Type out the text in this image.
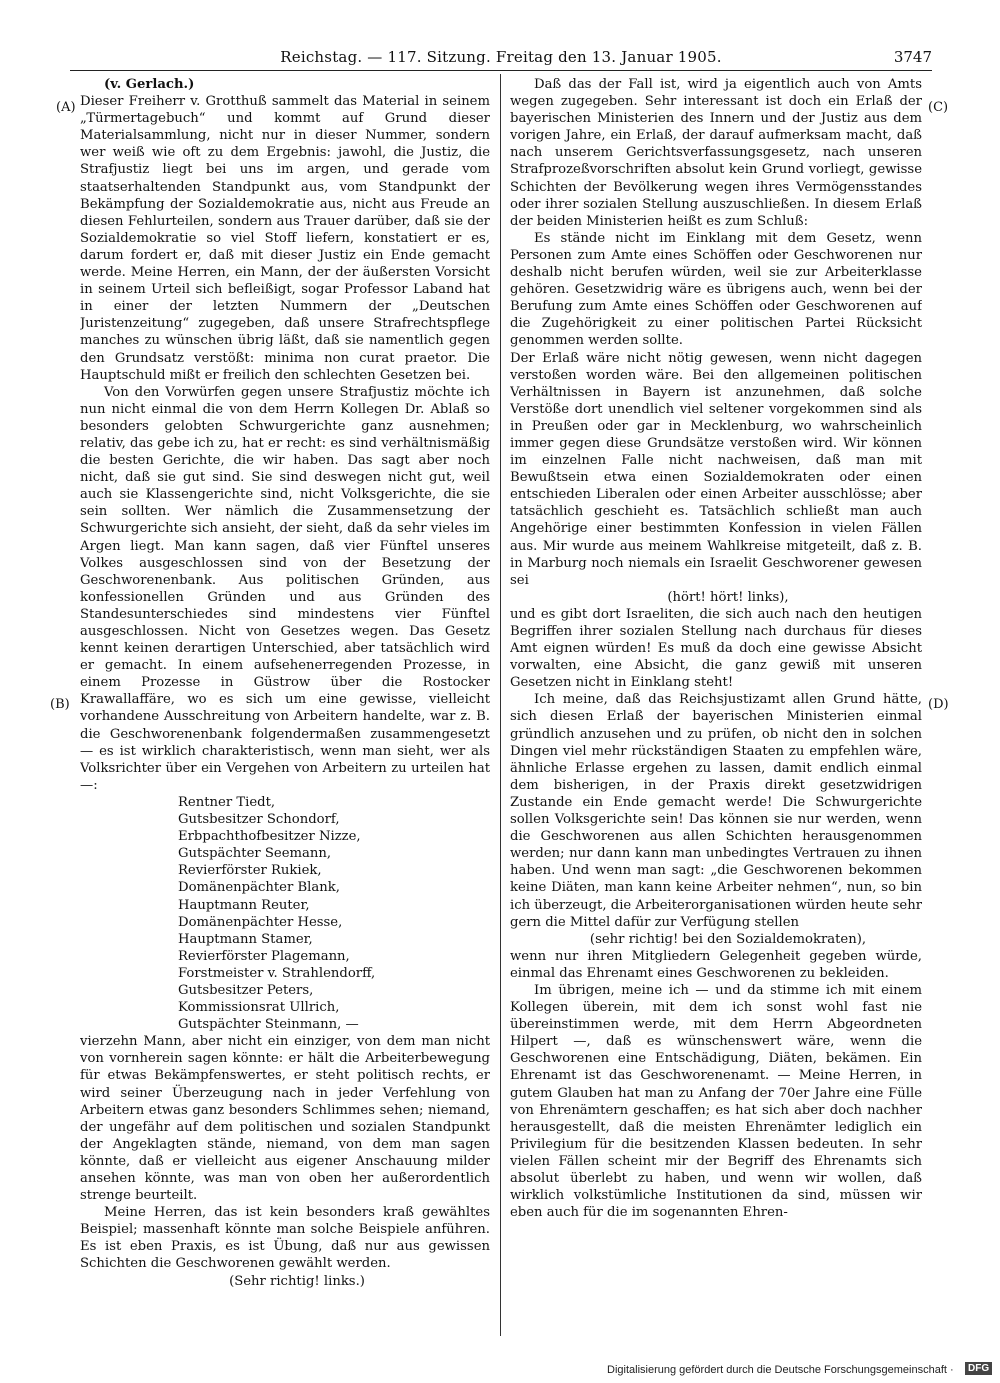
Reichstag. — 117. Sitzung. Freitag den 13. Januar 1905.	3747
(A)
(B)
(C)
(D)

(v. Gerlach.)

Dieser Freiherr v. Grotthuß sammelt das Material in seinem „Türmertagebuch“ und kommt auf Grund dieser Materialsammlung, nicht nur in dieser Nummer, sondern wer weiß wie oft zu dem Ergebnis: jawohl, die Justiz, die Strafjustiz liegt bei uns im argen, und gerade vom staatserhaltenden Standpunkt aus, vom Standpunkt der Bekämpfung der Sozialdemokratie aus, nicht aus Freude an diesen Fehlurteilen, sondern aus Trauer darüber, daß sie der Sozialdemokratie so viel Stoff liefern, konstatiert er es, darum fordert er, daß mit dieser Justiz ein Ende gemacht werde. Meine Herren, ein Mann, der der äußersten Vorsicht in seinem Urteil sich befleißigt, sogar Professor Laband hat in einer der letzten Nummern der „Deutschen Juristenzeitung“ zugegeben, daß unsere Strafrechtspflege manches zu wünschen übrig läßt, daß sie namentlich gegen den Grundsatz verstößt: minima non curat praetor. Die Hauptschuld mißt er freilich den schlechten Gesetzen bei.

Von den Vorwürfen gegen unsere Strafjustiz möchte ich nun nicht einmal die von dem Herrn Kollegen Dr. Ablaß so besonders gelobten Schwurgerichte ganz ausnehmen; relativ, das gebe ich zu, hat er recht: es sind verhältnismäßig die besten Gerichte, die wir haben. Das sagt aber noch nicht, daß sie gut sind. Sie sind deswegen nicht gut, weil auch sie Klassengerichte sind, nicht Volksgerichte, die sie sein sollten. Wer nämlich die Zusammensetzung der Schwurgerichte sich ansieht, der sieht, daß da sehr vieles im Argen liegt. Man kann sagen, daß vier Fünftel unseres Volkes ausgeschlossen sind von der Besetzung der Geschworenenbank. Aus politischen Gründen, aus konfessionellen Gründen und aus Gründen des Standesunterschiedes sind mindestens vier Fünftel ausgeschlossen. Nicht von Gesetzes wegen. Das Gesetz kennt keinen derartigen Unterschied, aber tatsächlich wird er gemacht. In einem aufsehenerregenden Prozesse, in einem Prozesse in Güstrow über die Rostocker Krawallaffäre, wo es sich um eine gewisse, vielleicht vorhandene Ausschreitung von Arbeitern handelte, war z. B. die Geschworenenbank folgendermaßen zusammengesetzt — es ist wirklich charakteristisch, wenn man sieht, wer als Volksrichter über ein Vergehen von Arbeitern zu urteilen hat —:

Rentner Tiedt,
Gutsbesitzer Schondorf,
Erbpachthofbesitzer Nizze,
Gutspächter Seemann,
Revierförster Rukiek,
Domänenpächter Blank,
Hauptmann Reuter,
Domänenpächter Hesse,
Hauptmann Stamer,
Revierförster Plagemann,
Forstmeister v. Strahlendorff,
Gutsbesitzer Peters,
Kommissionsrat Ullrich,
Gutspächter Steinmann, —

vierzehn Mann, aber nicht ein einziger, von dem man nicht von vornherein sagen könnte: er hält die Arbeiterbewegung für etwas Bekämpfenswertes, er steht politisch rechts, er wird seiner Überzeugung nach in jeder Verfehlung von Arbeitern etwas ganz besonders Schlimmes sehen; niemand, der ungefähr auf dem politischen und sozialen Standpunkt der Angeklagten stände, niemand, von dem man sagen könnte, daß er vielleicht aus eigener Anschauung milder ansehen könnte, was man von oben her außerordentlich strenge beurteilt.

Meine Herren, das ist kein besonders kraß gewähltes Beispiel; massenhaft könnte man solche Beispiele anführen. Es ist eben Praxis, es ist Übung, daß nur aus gewissen Schichten die Geschworenen gewählt werden.

(Sehr richtig! links.)

Daß das der Fall ist, wird ja eigentlich auch von Amts wegen zugegeben. Sehr interessant ist doch ein Erlaß der bayerischen Ministerien des Innern und der Justiz aus dem vorigen Jahre, ein Erlaß, der darauf aufmerksam macht, daß nach unserem Gerichtsverfassungsgesetz, nach unseren Strafprozeßvorschriften absolut kein Grund vorliegt, gewisse Schichten der Bevölkerung wegen ihres Vermögensstandes oder ihrer sozialen Stellung auszuschließen. In diesem Erlaß der beiden Ministerien heißt es zum Schluß:

Es stände nicht im Einklang mit dem Gesetz, wenn Personen zum Amte eines Schöffen oder Geschworenen nur deshalb nicht berufen würden, weil sie zur Arbeiterklasse gehören. Gesetzwidrig wäre es übrigens auch, wenn bei der Berufung zum Amte eines Schöffen oder Geschworenen auf die Zugehörigkeit zu einer politischen Partei Rücksicht genommen werden sollte.

Der Erlaß wäre nicht nötig gewesen, wenn nicht dagegen verstoßen worden wäre. Bei den allgemeinen politischen Verhältnissen in Bayern ist anzunehmen, daß solche Verstöße dort unendlich viel seltener vorgekommen sind als in Preußen oder gar in Mecklenburg, wo wahrscheinlich immer gegen diese Grundsätze verstoßen wird. Wir können im einzelnen Falle nicht nachweisen, daß man mit Bewußtsein etwa einen Sozialdemokraten oder einen entschieden Liberalen oder einen Arbeiter ausschlösse; aber tatsächlich geschieht es. Tatsächlich schließt man auch Angehörige einer bestimmten Konfession in vielen Fällen aus. Mir wurde aus meinem Wahlkreise mitgeteilt, daß z. B. in Marburg noch niemals ein Israelit Geschworener gewesen sei

(hört! hört! links),

und es gibt dort Israeliten, die sich auch nach den heutigen Begriffen ihrer sozialen Stellung nach durchaus für dieses Amt eignen würden! Es muß da doch eine gewisse Absicht vorwalten, eine Absicht, die ganz gewiß mit unseren Gesetzen nicht in Einklang steht!

Ich meine, daß das Reichsjustizamt allen Grund hätte, sich diesen Erlaß der bayerischen Ministerien einmal gründlich anzusehen und zu prüfen, ob nicht den in solchen Dingen viel mehr rückständigen Staaten zu empfehlen wäre, ähnliche Erlasse ergehen zu lassen, damit endlich einmal dem bisherigen, in der Praxis direkt gesetzwidrigen Zustande ein Ende gemacht werde! Die Schwurgerichte sollen Volksgerichte sein! Das können sie nur werden, wenn die Geschworenen aus allen Schichten herausgenommen werden; nur dann kann man unbedingtes Vertrauen zu ihnen haben. Und wenn man sagt: „die Geschworenen bekommen keine Diäten, man kann keine Arbeiter nehmen“, nun, so bin ich überzeugt, die Arbeiterorganisationen würden heute sehr gern die Mittel dafür zur Verfügung stellen

(sehr richtig! bei den Sozialdemokraten),

wenn nur ihren Mitgliedern Gelegenheit gegeben würde, einmal das Ehrenamt eines Geschworenen zu bekleiden.

Im übrigen, meine ich — und da stimme ich mit einem Kollegen überein, mit dem ich sonst wohl fast nie übereinstimmen werde, mit dem Herrn Abgeordneten Hilpert —, daß es wünschenswert wäre, wenn die Geschworenen eine Entschädigung, Diäten, bekämen. Ein Ehrenamt ist das Geschworenenamt. — Meine Herren, in gutem Glauben hat man zu Anfang der 70er Jahre eine Fülle von Ehrenämtern geschaffen; es hat sich aber doch nachher herausgestellt, daß die meisten Ehrenämter lediglich ein Privilegium für die besitzenden Klassen bedeuten. In sehr vielen Fällen scheint mir der Begriff des Ehrenamts sich absolut überlebt zu haben, und wenn wir wollen, daß wirklich volkstümliche Institutionen da sind, müssen wir eben auch für die im sogenannten Ehren-

Digitalisierung gefördert durch die Deutsche Forschungsgemeinschaft ·	DFG
